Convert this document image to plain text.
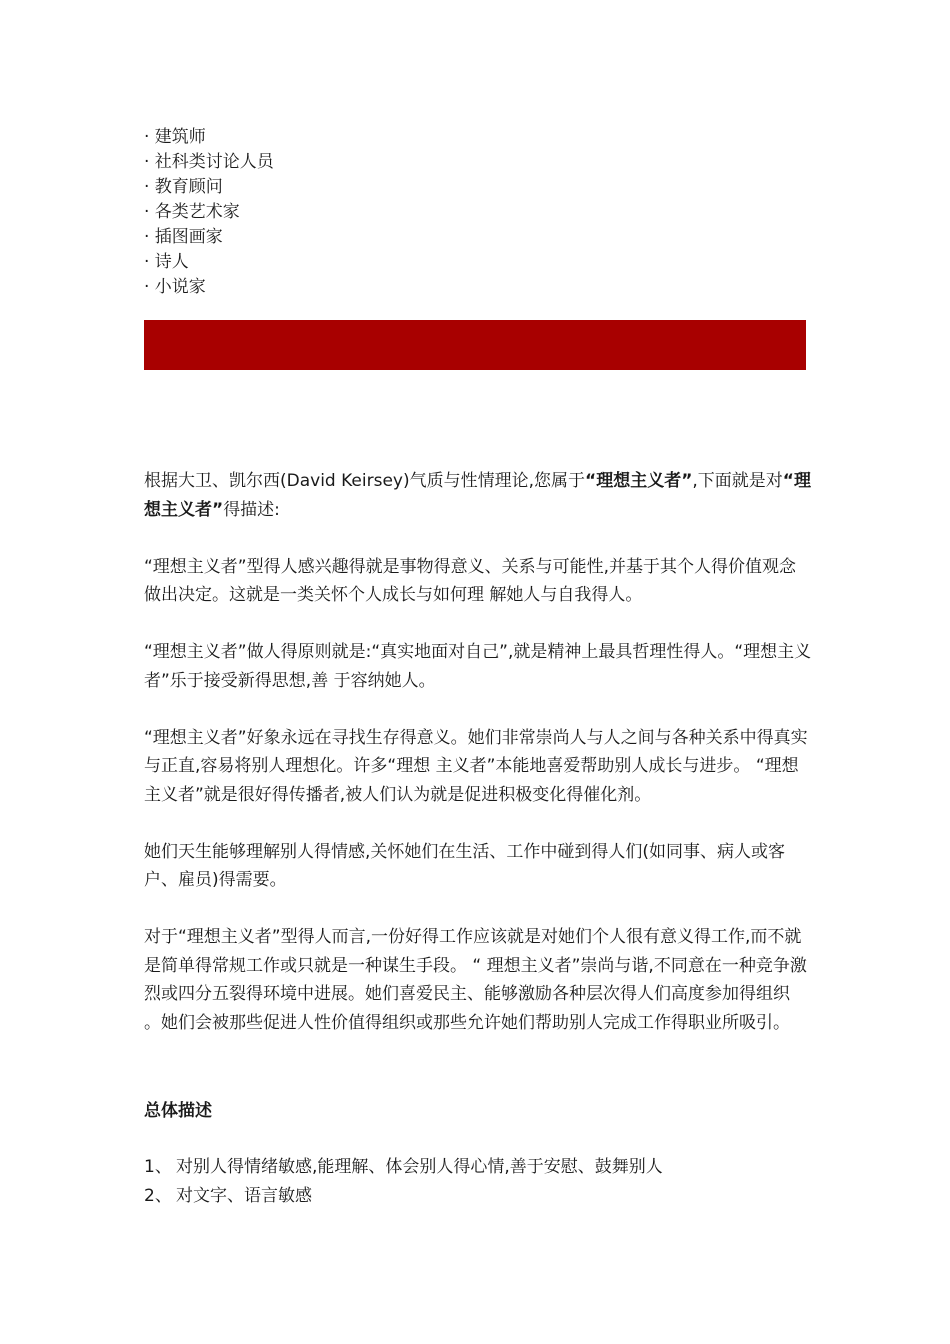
· 建筑师
· 社科类讨论人员
· 教育顾问
· 各类艺术家
· 插图画家
· 诗人
· 小说家

根据大卫、凯尔西(David Keirsey)气质与性情理论,您属于“理想主义者”,下面就是对“理想主义者”得描述:

“理想主义者”型得人感兴趣得就是事物得意义、关系与可能性,并基于其个人得价值观念做出决定。这就是一类关怀个人成长与如何理 解她人与自我得人。

“理想主义者”做人得原则就是:“真实地面对自己”,就是精神上最具哲理性得人。“理想主义者”乐于接受新得思想,善 于容纳她人。

“理想主义者”好象永远在寻找生存得意义。她们非常崇尚人与人之间与各种关系中得真实与正直,容易将别人理想化。许多“理想 主义者”本能地喜爱帮助别人成长与进步。 “理想主义者”就是很好得传播者,被人们认为就是促进积极变化得催化剂。

她们天生能够理解别人得情感,关怀她们在生活、工作中碰到得人们(如同事、病人或客户、雇员)得需要。

对于“理想主义者”型得人而言,一份好得工作应该就是对她们个人很有意义得工作,而不就是简单得常规工作或只就是一种谋生手段。 “ 理想主义者”崇尚与谐,不同意在一种竞争激烈或四分五裂得环境中进展。她们喜爱民主、能够激励各种层次得人们高度参加得组织 。她们会被那些促进人性价值得组织或那些允许她们帮助别人完成工作得职业所吸引。

总体描述
1、 对别人得情绪敏感,能理解、体会别人得心情,善于安慰、鼓舞别人
2、 对文字、语言敏感
